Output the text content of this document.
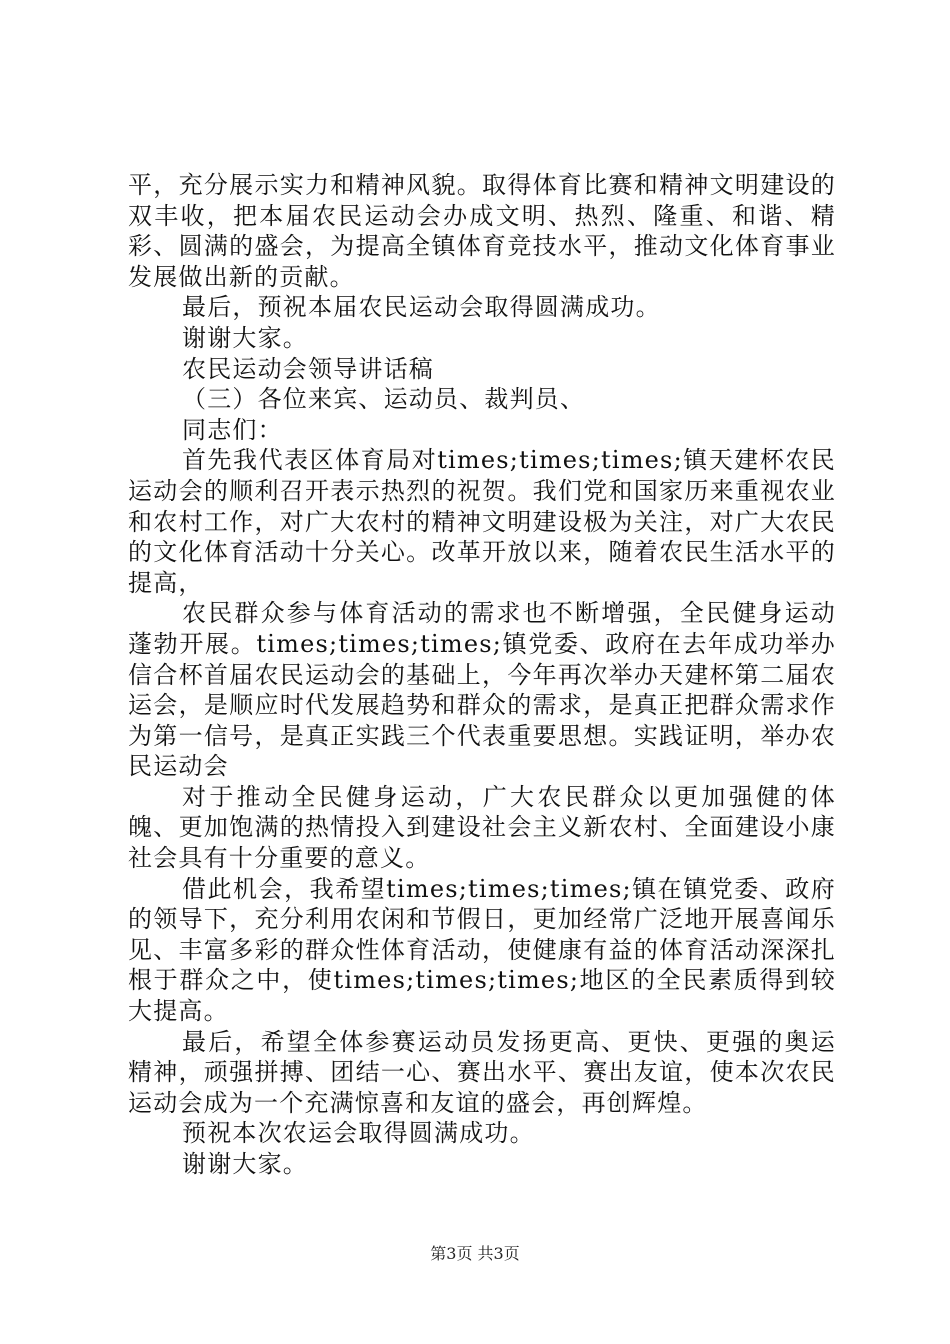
平，充分展示实力和精神风貌。取得体育比赛和精神文明建设的双丰收，把本届农民运动会办成文明、热烈、隆重、和谐、精彩、圆满的盛会，为提高全镇体育竞技水平，推动文化体育事业发展做出新的贡献。

最后，预祝本届农民运动会取得圆满成功。

谢谢大家。

农民运动会领导讲话稿

（三）各位来宾、运动员、裁判员、

同志们：

首先我代表区体育局对times;times;times;镇天建杯农民运动会的顺利召开表示热烈的祝贺。我们党和国家历来重视农业和农村工作，对广大农村的精神文明建设极为关注，对广大农民的文化体育活动十分关心。改革开放以来，随着农民生活水平的提高，

农民群众参与体育活动的需求也不断增强，全民健身运动蓬勃开展。times;times;times;镇党委、政府在去年成功举办信合杯首届农民运动会的基础上，今年再次举办天建杯第二届农运会，是顺应时代发展趋势和群众的需求，是真正把群众需求作为第一信号，是真正实践三个代表重要思想。实践证明，举办农民运动会

对于推动全民健身运动，广大农民群众以更加强健的体魄、更加饱满的热情投入到建设社会主义新农村、全面建设小康社会具有十分重要的意义。

借此机会，我希望times;times;times;镇在镇党委、政府的领导下，充分利用农闲和节假日，更加经常广泛地开展喜闻乐见、丰富多彩的群众性体育活动，使健康有益的体育活动深深扎根于群众之中，使times;times;times;地区的全民素质得到较大提高。

最后，希望全体参赛运动员发扬更高、更快、更强的奥运精神，顽强拼搏、团结一心、赛出水平、赛出友谊，使本次农民运动会成为一个充满惊喜和友谊的盛会，再创辉煌。

预祝本次农运会取得圆满成功。

谢谢大家。

第3页 共3页
